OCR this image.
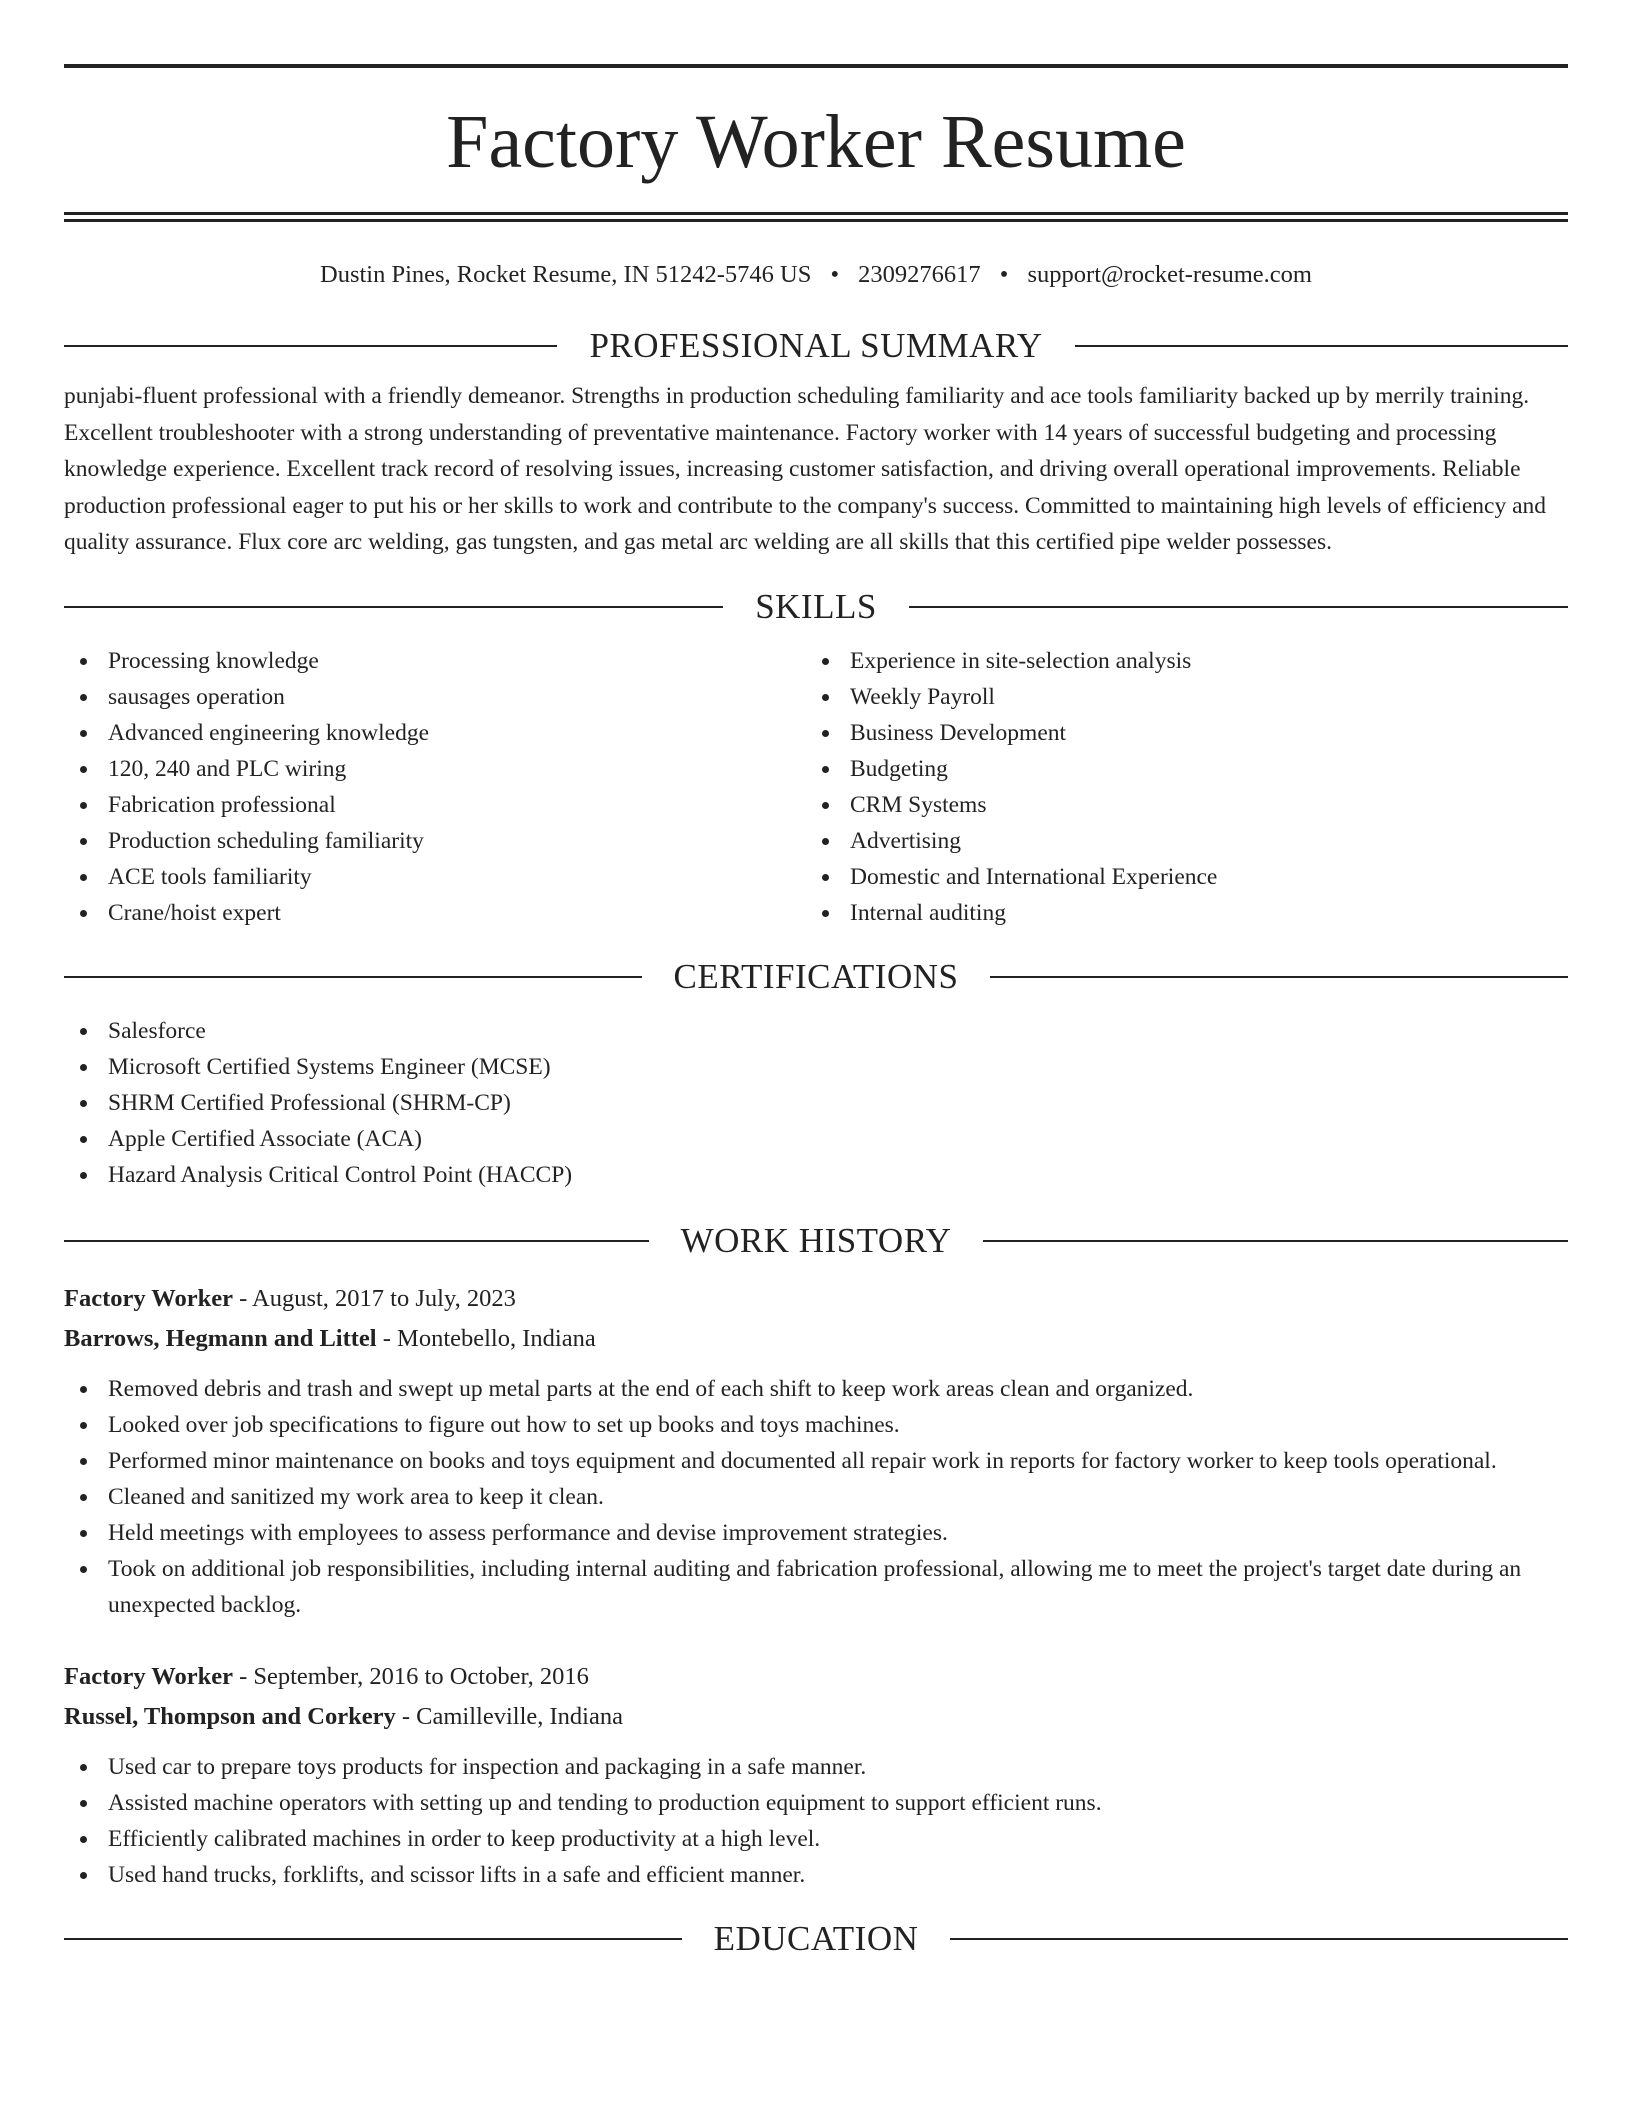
Factory Worker Resume
Dustin Pines, Rocket Resume, IN 51242-5746 US • 2309276617 • support@rocket-resume.com
PROFESSIONAL SUMMARY

punjabi-fluent professional with a friendly demeanor. Strengths in production scheduling familiarity and ace tools familiarity backed up by merrily training. Excellent troubleshooter with a strong understanding of preventative maintenance. Factory worker with 14 years of successful budgeting and processing knowledge experience. Excellent track record of resolving issues, increasing customer satisfaction, and driving overall operational improvements. Reliable production professional eager to put his or her skills to work and contribute to the company's success. Committed to maintaining high levels of efficiency and quality assurance. Flux core arc welding, gas tungsten, and gas metal arc welding are all skills that this certified pipe welder possesses.

SKILLS
Processing knowledge
sausages operation
Advanced engineering knowledge
120, 240 and PLC wiring
Fabrication professional
Production scheduling familiarity
ACE tools familiarity
Crane/hoist expert
Experience in site-selection analysis
Weekly Payroll
Business Development
Budgeting
CRM Systems
Advertising
Domestic and International Experience
Internal auditing
CERTIFICATIONS
Salesforce
Microsoft Certified Systems Engineer (MCSE)
SHRM Certified Professional (SHRM-CP)
Apple Certified Associate (ACA)
Hazard Analysis Critical Control Point (HACCP)
WORK HISTORY
Factory Worker - August, 2017 to July, 2023
Barrows, Hegmann and Littel - Montebello, Indiana
Removed debris and trash and swept up metal parts at the end of each shift to keep work areas clean and organized.
Looked over job specifications to figure out how to set up books and toys machines.
Performed minor maintenance on books and toys equipment and documented all repair work in reports for factory worker to keep tools operational.
Cleaned and sanitized my work area to keep it clean.
Held meetings with employees to assess performance and devise improvement strategies.
Took on additional job responsibilities, including internal auditing and fabrication professional, allowing me to meet the project's target date during an unexpected backlog.
Factory Worker - September, 2016 to October, 2016
Russel, Thompson and Corkery - Camilleville, Indiana
Used car to prepare toys products for inspection and packaging in a safe manner.
Assisted machine operators with setting up and tending to production equipment to support efficient runs.
Efficiently calibrated machines in order to keep productivity at a high level.
Used hand trucks, forklifts, and scissor lifts in a safe and efficient manner.
EDUCATION
